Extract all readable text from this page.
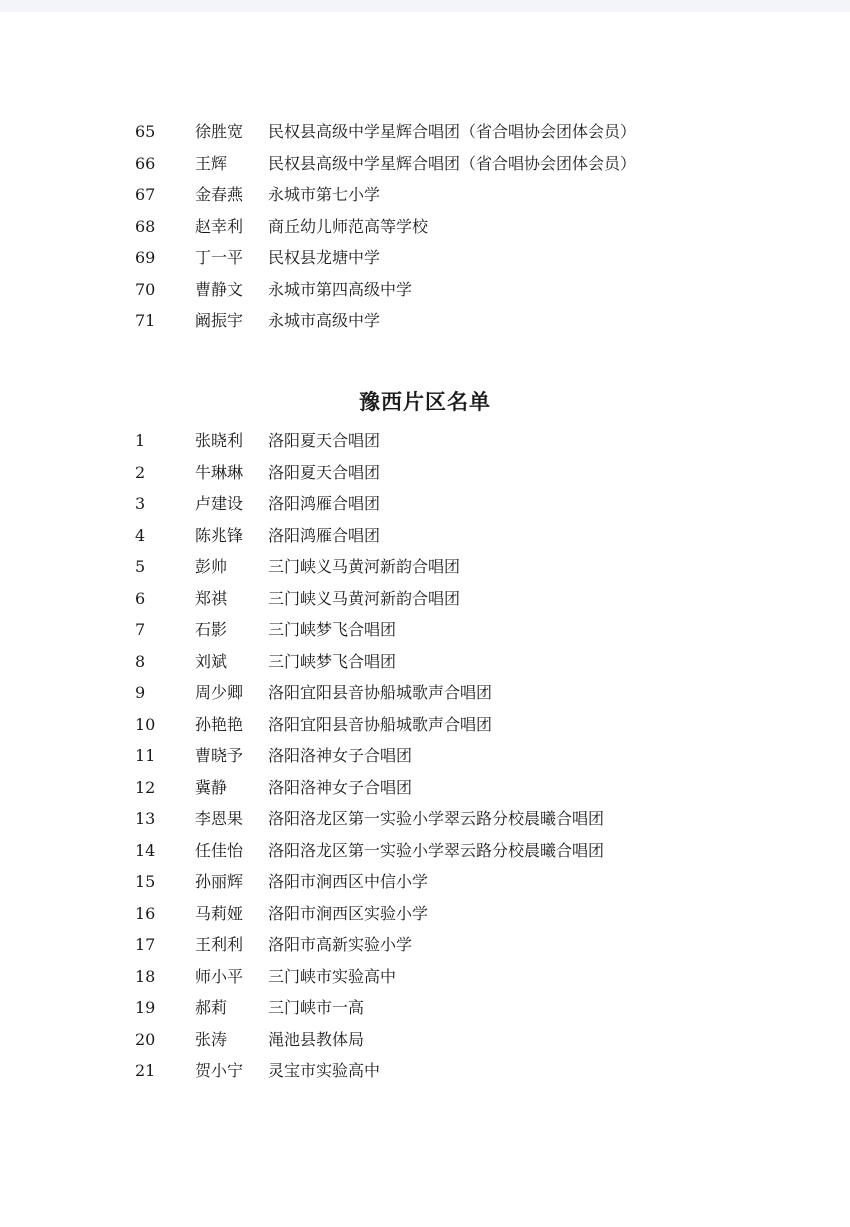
65 徐胜宽 民权县高级中学星辉合唱团（省合唱协会团体会员）
66 王辉	民权县高级中学星辉合唱团（省合唱协会团体会员）
67 金春燕 永城市第七小学
68 赵幸利 商丘幼儿师范高等学校
69 丁一平 民权县龙塘中学
70 曹静文 永城市第四高级中学
71 阚振宇 永城市高级中学
豫西片区名单
1	张晓利 洛阳夏天合唱团
2	牛琳琳 洛阳夏天合唱团
3	卢建设 洛阳鸿雁合唱团
4	陈兆锋 洛阳鸿雁合唱团
5	彭帅	三门峡义马黄河新韵合唱团
6	郑祺	三门峡义马黄河新韵合唱团
7	石影	三门峡梦飞合唱团
8	刘斌	三门峡梦飞合唱团
9	周少卿 洛阳宜阳县音协船城歌声合唱团
10 孙艳艳 洛阳宜阳县音协船城歌声合唱团
11 曹晓予 洛阳洛神女子合唱团
12 冀静	洛阳洛神女子合唱团
13 李恩果 洛阳洛龙区第一实验小学翠云路分校晨曦合唱团
14 任佳怡 洛阳洛龙区第一实验小学翠云路分校晨曦合唱团
15 孙丽辉 洛阳市涧西区中信小学
16 马莉娅 洛阳市涧西区实验小学
17 王利利 洛阳市高新实验小学
18 师小平 三门峡市实验高中
19 郝莉	三门峡市一高
20 张涛	渑池县教体局
21 贺小宁 灵宝市实验高中
